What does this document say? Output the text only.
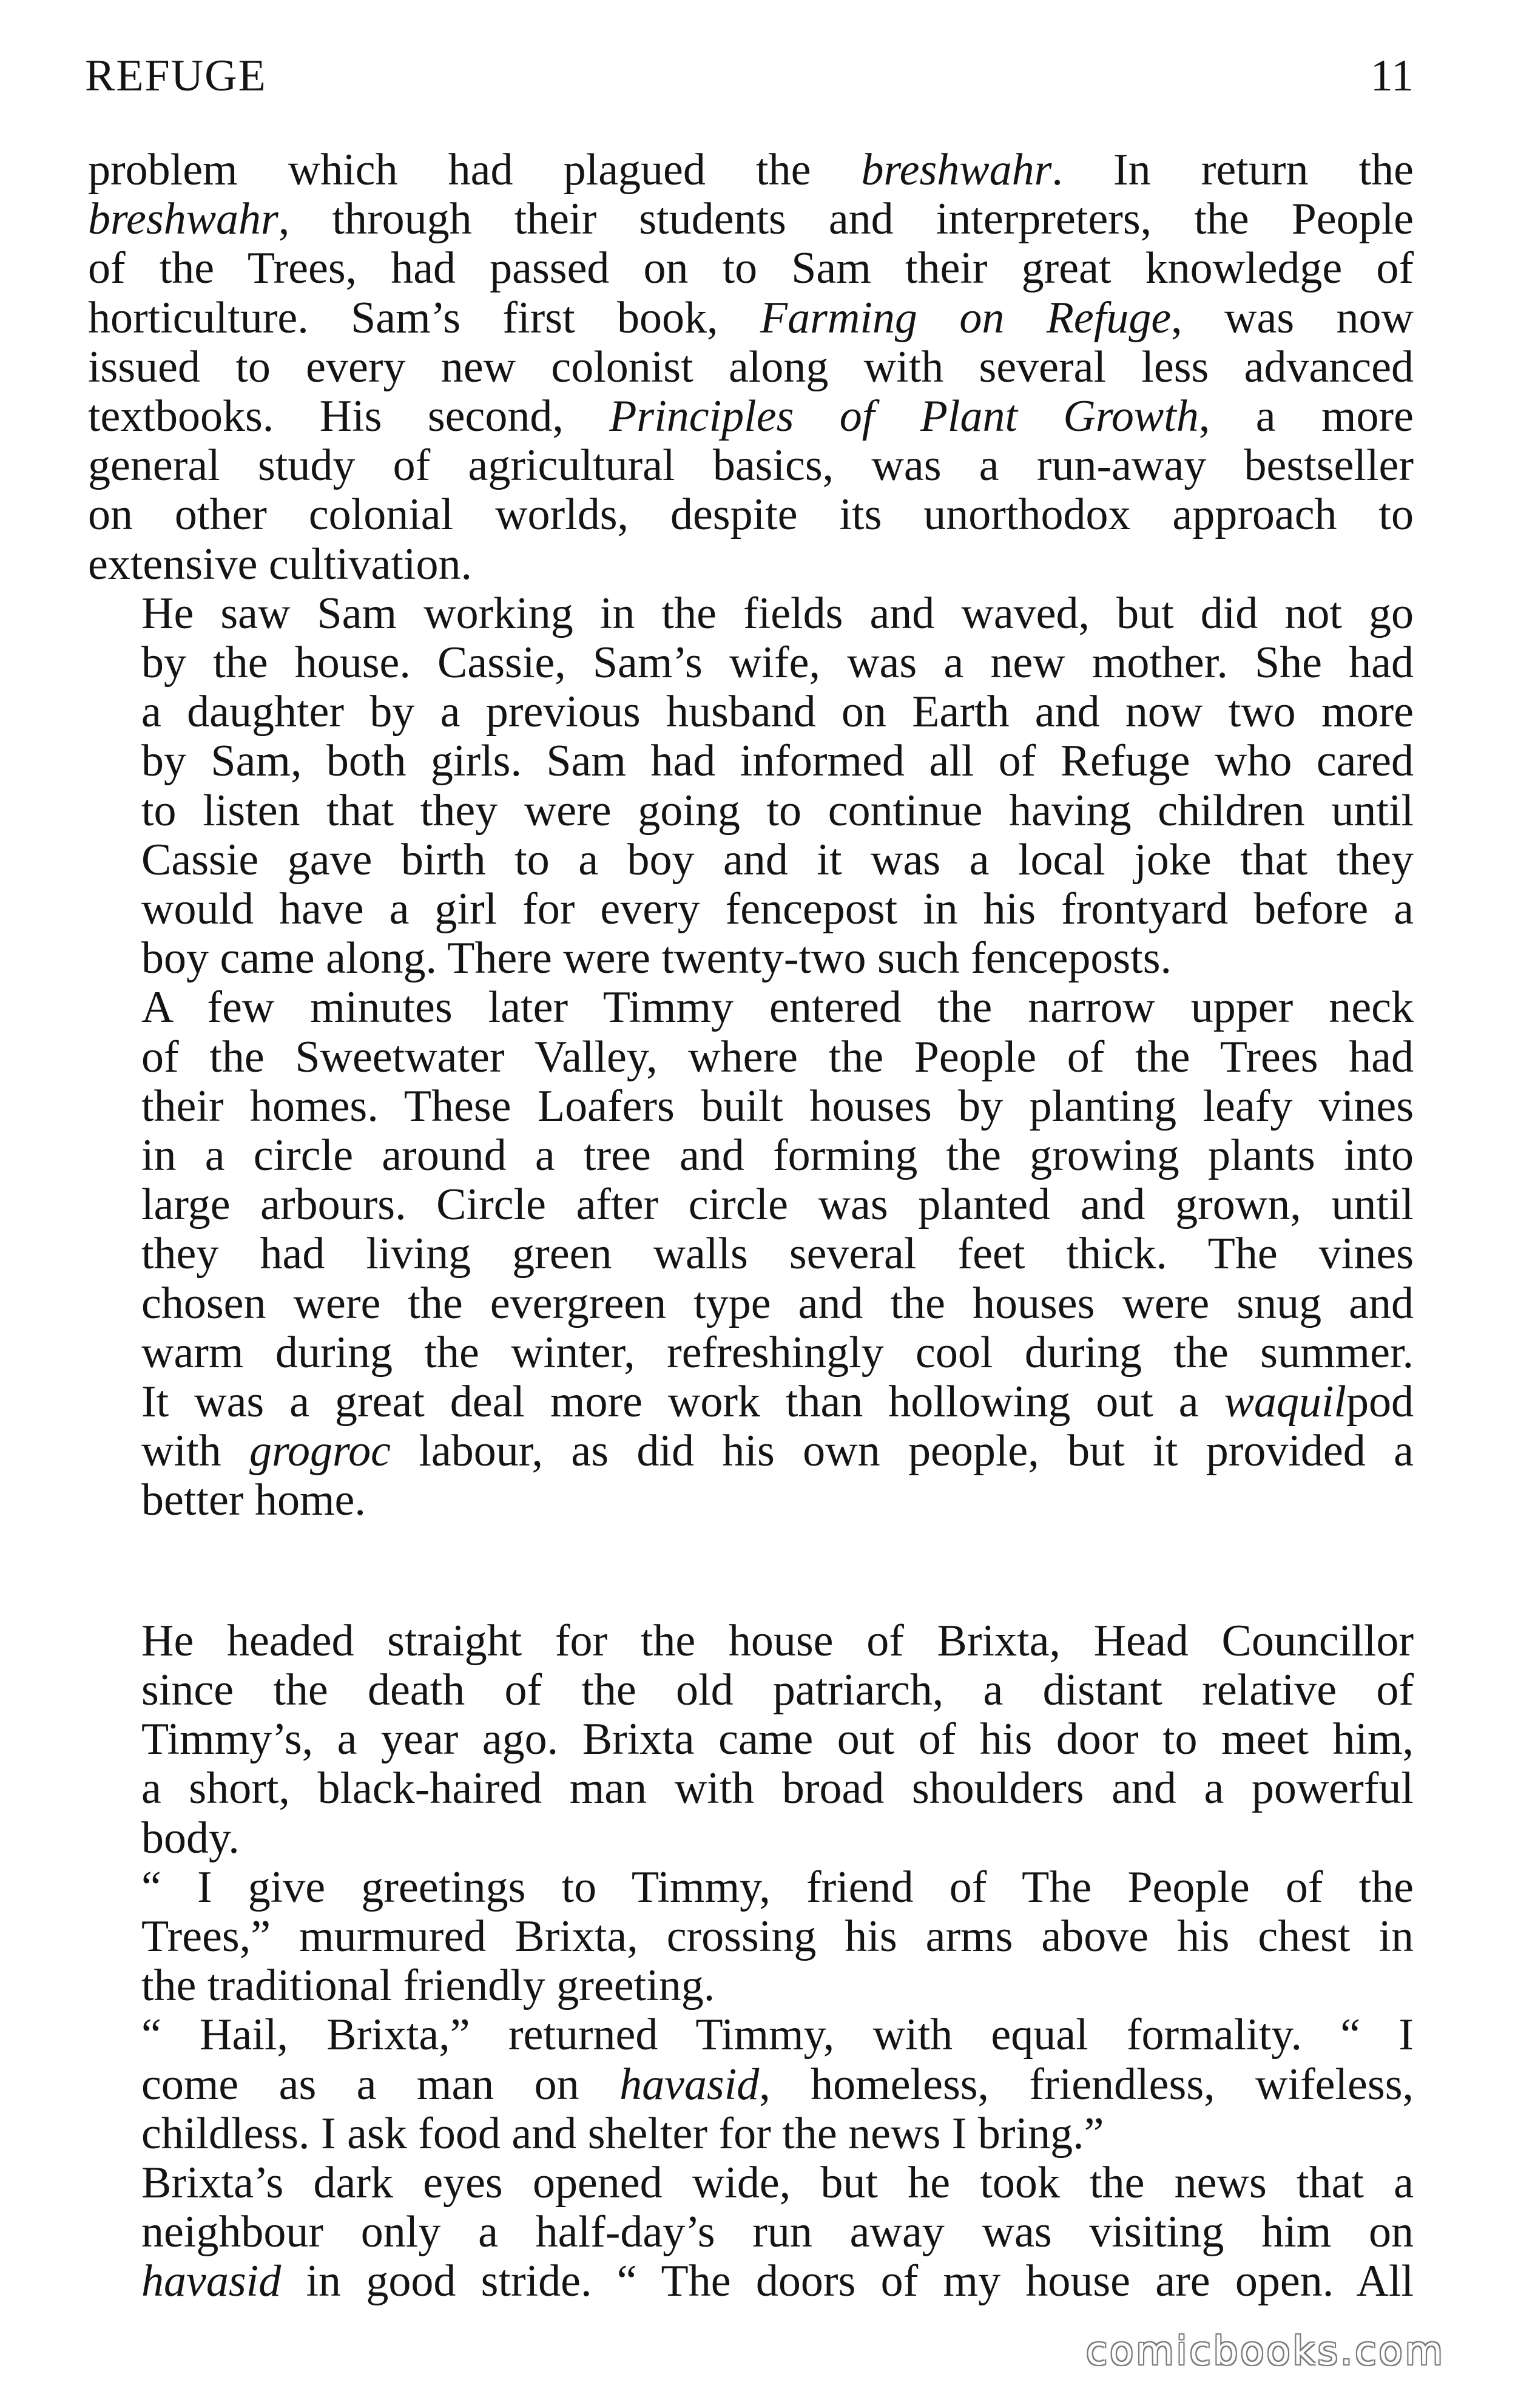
REFUGE	11

problem which had plagued the breshwahr. In return the
breshwahr, through their students and interpreters, the People
of the Trees, had passed on to Sam their great knowledge of
horticulture. Sam’s first book, Farming on Refuge, was now
issued to every new colonist along with several less advanced
textbooks. His second, Principles of Plant Growth, a more
general study of agricultural basics, was a run-away bestseller
on other colonial worlds, despite its unorthodox approach to
extensive cultivation.

He saw Sam working in the fields and waved, but did not go
by the house. Cassie, Sam’s wife, was a new mother. She had
a daughter by a previous husband on Earth and now two more
by Sam, both girls. Sam had informed all of Refuge who cared
to listen that they were going to continue having children until
Cassie gave birth to a boy and it was a local joke that they
would have a girl for every fencepost in his frontyard before a
boy came along. There were twenty-two such fenceposts.

A few minutes later Timmy entered the narrow upper neck
of the Sweetwater Valley, where the People of the Trees had
their homes. These Loafers built houses by planting leafy vines
in a circle around a tree and forming the growing plants into
large arbours. Circle after circle was planted and grown, until
they had living green walls several feet thick. The vines
chosen were the evergreen type and the houses were snug and
warm during the winter, refreshingly cool during the summer.
It was a great deal more work than hollowing out a waquilpod
with grogroc labour, as did his own people, but it provided a
better home.

He headed straight for the house of Brixta, Head Councillor
since the death of the old patriarch, a distant relative of
Timmy’s, a year ago. Brixta came out of his door to meet him,
a short, black-haired man with broad shoulders and a powerful
body.

“ I give greetings to Timmy, friend of The People of the
Trees,” murmured Brixta, crossing his arms above his chest in
the traditional friendly greeting.

“ Hail, Brixta,” returned Timmy, with equal formality. “ I
come as a man on havasid, homeless, friendless, wifeless,
childless. I ask food and shelter for the news I bring.”

Brixta’s dark eyes opened wide, but he took the news that a
neighbour only a half-day’s run away was visiting him on
havasid in good stride. “ The doors of my house are open. All

comicbooks.com
